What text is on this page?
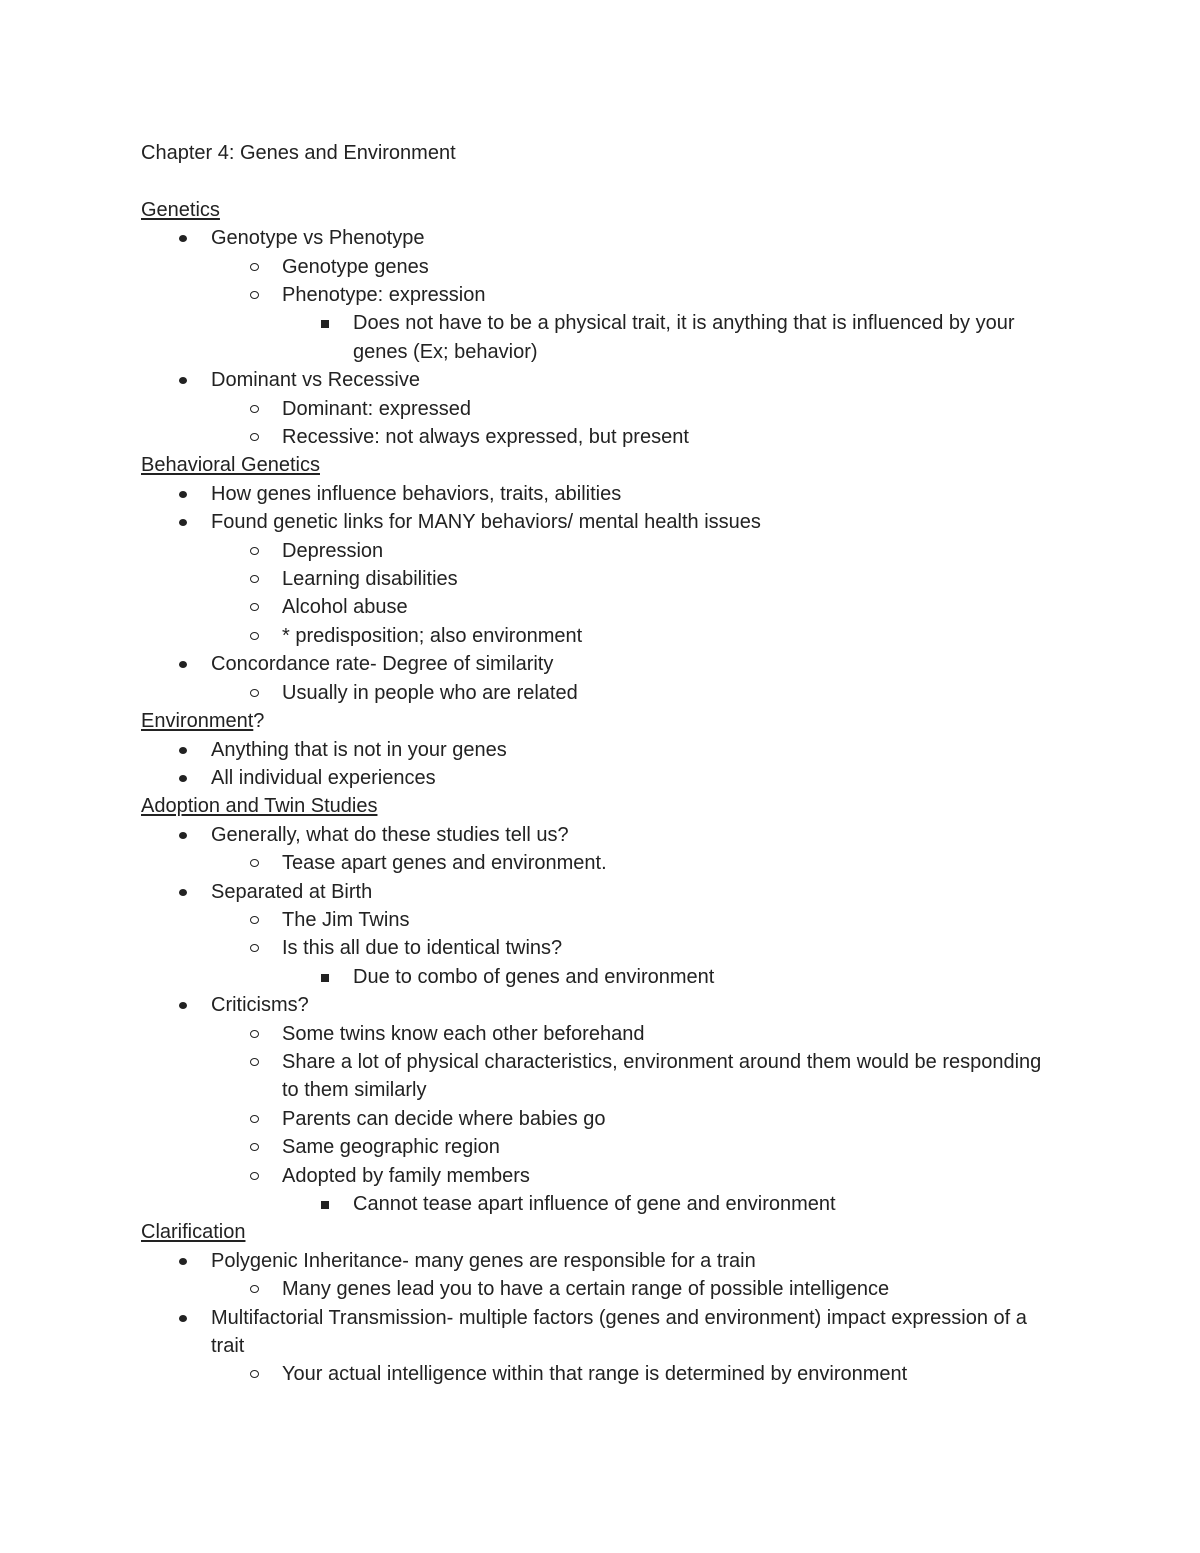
Chapter 4: Genes and Environment
Genetics
Genotype vs Phenotype
Genotype genes
Phenotype: expression
Does not have to be a physical trait, it is anything that is influenced by your genes (Ex; behavior)
Dominant vs Recessive
Dominant: expressed
Recessive: not always expressed, but present
Behavioral Genetics
How genes influence behaviors, traits, abilities
Found genetic links for MANY behaviors/ mental health issues
Depression
Learning disabilities
Alcohol abuse
* predisposition; also environment
Concordance rate- Degree of similarity
Usually in people who are related
Environment?
Anything that is not in your genes
All individual experiences
Adoption and Twin Studies
Generally, what do these studies tell us?
Tease apart genes and environment.
Separated at Birth
The Jim Twins
Is this all due to identical twins?
Due to combo of genes and environment
Criticisms?
Some twins know each other beforehand
Share a lot of physical characteristics, environment around them would be responding to them similarly
Parents can decide where babies go
Same geographic region
Adopted by family members
Cannot tease apart influence of gene and environment
Clarification
Polygenic Inheritance- many genes are responsible for a train
Many genes lead you to have a certain range of possible intelligence
Multifactorial Transmission- multiple factors (genes and environment) impact expression of a trait
Your actual intelligence within that range is determined by environment
